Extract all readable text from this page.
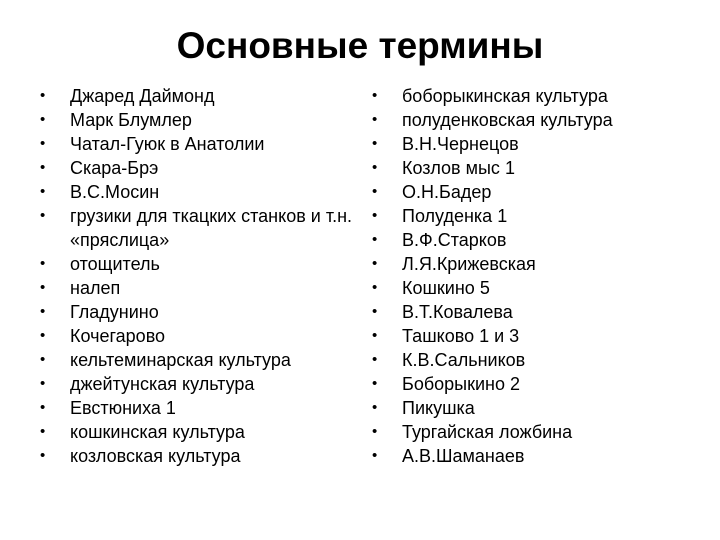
Основные термины
•	Джаред Даймонд
•	Марк Блумлер
•	Чатал-Гуюк в Анатолии
•	Скара-Брэ
•	В.С.Мосин
•	грузики для ткацких станков и т.н. «пряслица»
•	отощитель
•	налеп
•	Гладунино
•	Кочегарово
•	кельтеминарская культура
•	джейтунская культура
•	Евстюниха 1
•	кошкинская культура
•	козловская культура
•	боборыкинская культура
•	полуденковская культура
•	В.Н.Чернецов
•	Козлов мыс 1
•	О.Н.Бадер
•	Полуденка 1
•	В.Ф.Старков
•	Л.Я.Крижевская
•	Кошкино 5
•	В.Т.Ковалева
•	Ташково 1 и 3
•	К.В.Сальников
•	Боборыкино 2
•	Пикушка
•	Тургайская ложбина
•	А.В.Шаманаев
